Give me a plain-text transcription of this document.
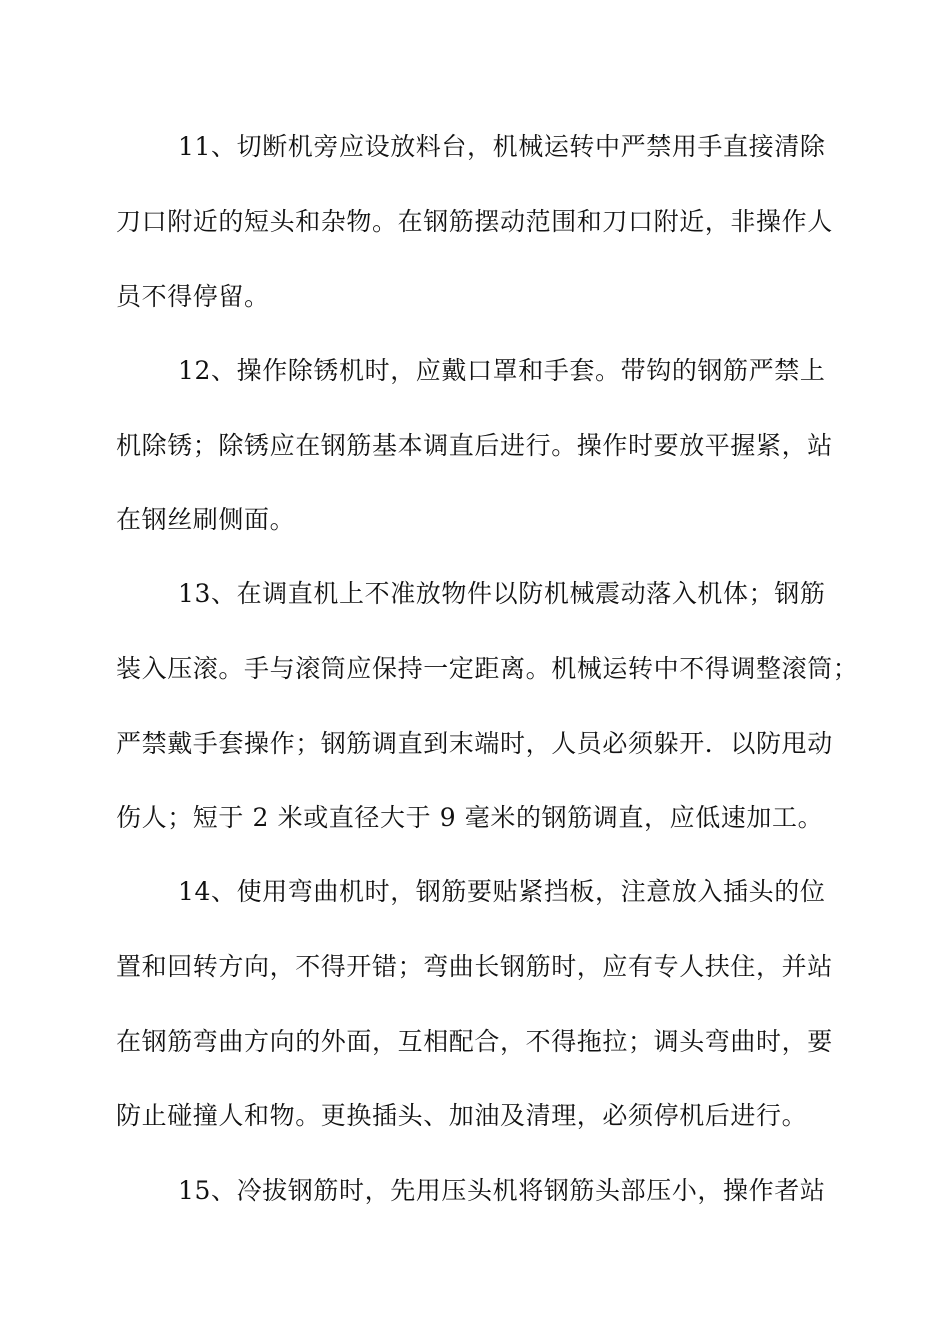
11、切断机旁应设放料台，机械运转中严禁用手直接清除
刀口附近的短头和杂物。在钢筋摆动范围和刀口附近，非操作人
员不得停留。
12、操作除锈机时，应戴口罩和手套。带钩的钢筋严禁上
机除锈；除锈应在钢筋基本调直后进行。操作时要放平握紧，站
在钢丝刷侧面。
13、在调直机上不准放物件以防机械震动落入机体；钢筋
装入压滚。手与滚筒应保持一定距离。机械运转中不得调整滚筒；
严禁戴手套操作；钢筋调直到末端时，人员必须躲开．以防甩动
伤人；短于 2 米或直径大于 9 毫米的钢筋调直，应低速加工。
14、使用弯曲机时，钢筋要贴紧挡板，注意放入插头的位
置和回转方向，不得开错；弯曲长钢筋时，应有专人扶住，并站
在钢筋弯曲方向的外面，互相配合，不得拖拉；调头弯曲时，要
防止碰撞人和物。更换插头、加油及清理，必须停机后进行。
15、冷拔钢筋时，先用压头机将钢筋头部压小，操作者站
